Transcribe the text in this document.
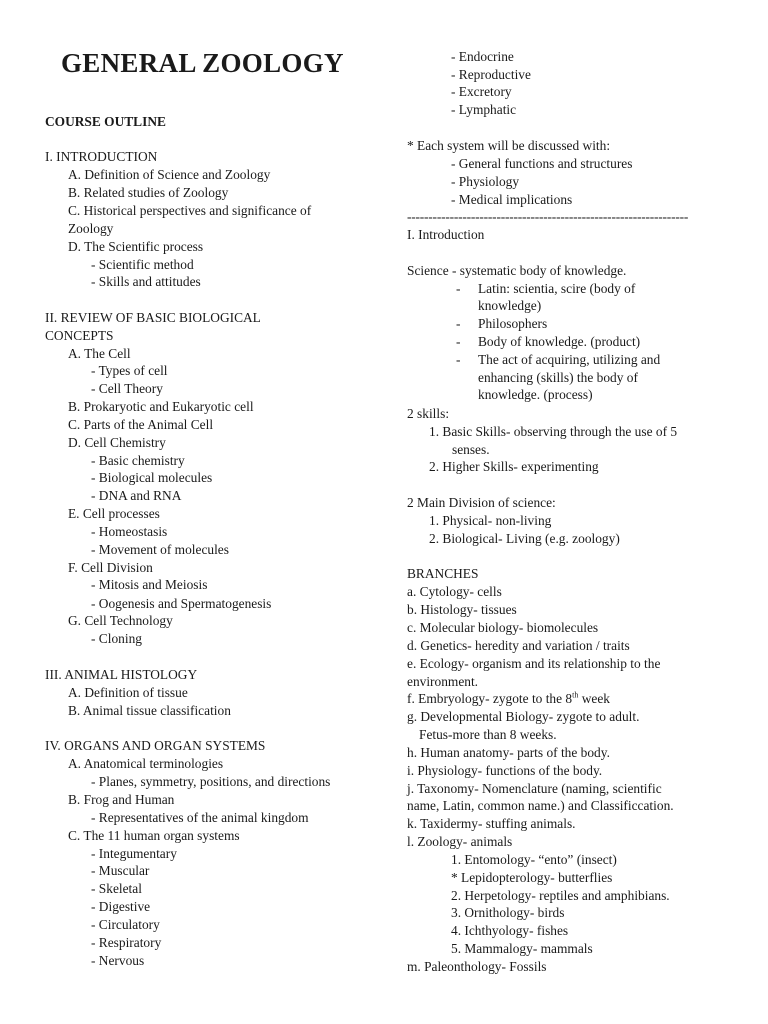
GENERAL ZOOLOGY
COURSE OUTLINE
I. INTRODUCTION
A. Definition of Science and Zoology
B. Related studies of Zoology
C. Historical perspectives and significance of
Zoology
D. The Scientific process
- Scientific method
- Skills and attitudes
II. REVIEW OF BASIC BIOLOGICAL
CONCEPTS
A. The Cell
- Types of cell
- Cell Theory
B. Prokaryotic and Eukaryotic cell
C. Parts of the Animal Cell
D. Cell Chemistry
- Basic chemistry
- Biological molecules
- DNA and RNA
E. Cell processes
- Homeostasis
- Movement of molecules
F. Cell Division
- Mitosis and Meiosis
- Oogenesis and Spermatogenesis
G. Cell Technology
- Cloning
III. ANIMAL HISTOLOGY
A. Definition of tissue
B. Animal tissue classification
IV. ORGANS AND ORGAN SYSTEMS
A. Anatomical terminologies
- Planes, symmetry, positions, and directions
B. Frog and Human
- Representatives of the animal kingdom
C. The 11 human organ systems
- Integumentary
- Muscular
- Skeletal
- Digestive
- Circulatory
- Respiratory
- Nervous
- Endocrine
- Reproductive
- Excretory
- Lymphatic
* Each system will be discussed with:
- General functions and structures
- Physiology
- Medical implications
------------------------------------------------------------------
I. Introduction
Science - systematic body of knowledge.
- Latin: scientia, scire (body of
knowledge)
- Philosophers
- Body of knowledge. (product)
- The act of acquiring, utilizing and
enhancing (skills) the body of
knowledge. (process)
2 skills:
1. Basic Skills- observing through the use of 5
senses.
2. Higher Skills- experimenting
2 Main Division of science:
1. Physical- non-living
2. Biological- Living (e.g. zoology)
BRANCHES
a. Cytology- cells
b. Histology- tissues
c. Molecular biology- biomolecules
d. Genetics- heredity and variation / traits
e. Ecology- organism and its relationship to the
environment.
f. Embryology- zygote to the 8th week
g. Developmental Biology- zygote to adult.
Fetus-more than 8 weeks.
h. Human anatomy- parts of the body.
i. Physiology- functions of the body.
j. Taxonomy- Nomenclature (naming, scientific
name, Latin, common name.) and Classificcation.
k. Taxidermy- stuffing animals.
l. Zoology- animals
1. Entomology- “ento” (insect)
* Lepidopterology- butterflies
2. Herpetology- reptiles and amphibians.
3. Ornithology- birds
4. Ichthyology- fishes
5. Mammalogy- mammals
m. Paleonthology- Fossils
